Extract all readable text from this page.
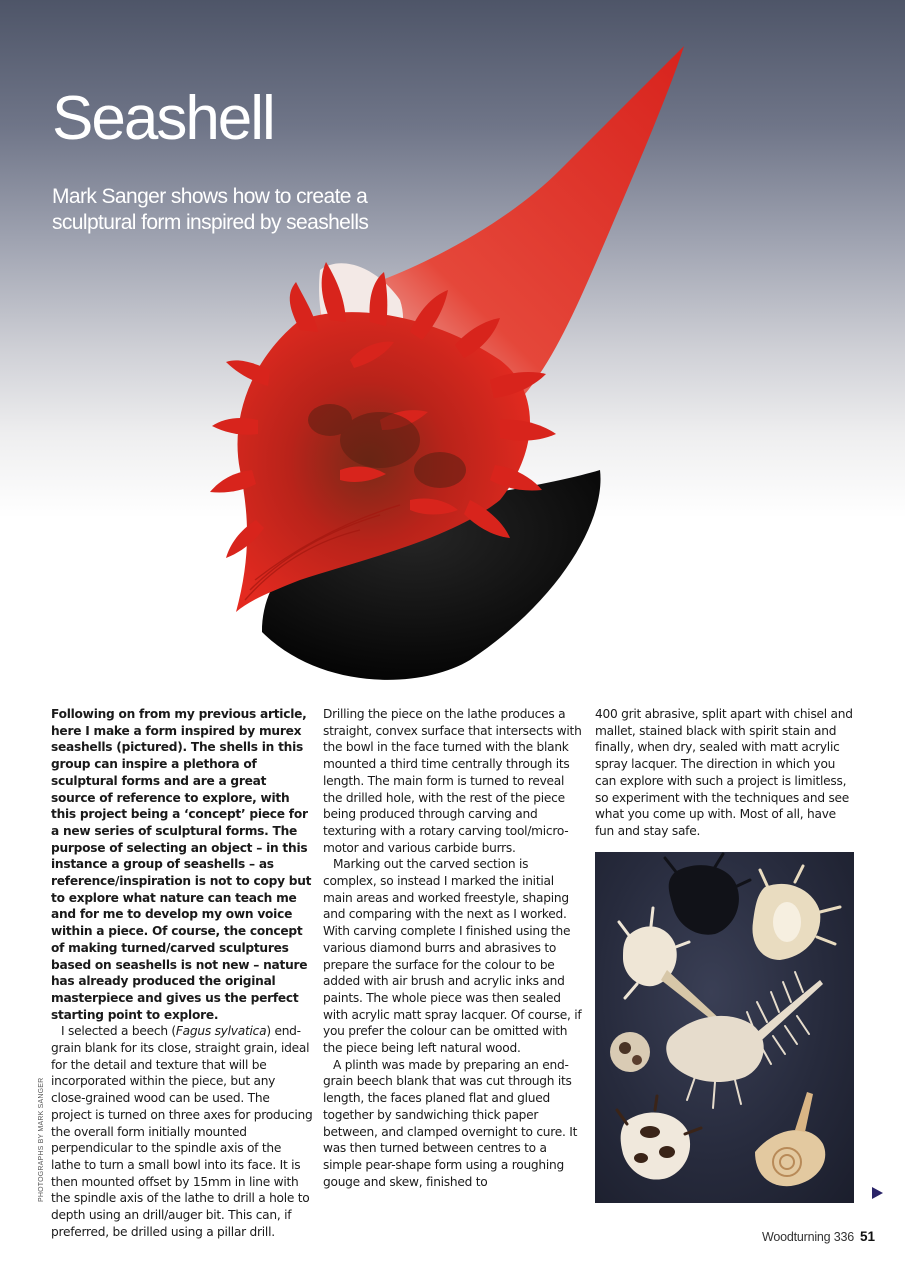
Seashell

Mark Sanger shows how to create a sculptural form inspired by seashells

Following on from my previous article, here I make a form inspired by murex seashells (pictured). The shells in this group can inspire a plethora of sculptural forms and are a great source of reference to explore, with this project being a ‘concept’ piece for a new series of sculptural forms. The purpose of selecting an object – in this instance a group of seashells – as reference/inspiration is not to copy but to explore what nature can teach me and for me to develop my own voice within a piece. Of course, the concept of making turned/carved sculptures based on seashells is not new – nature has already produced the original masterpiece and gives us the perfect starting point to explore.

I selected a beech (Fagus sylvatica) end-grain blank for its close, straight grain, ideal for the detail and texture that will be incorporated within the piece, but any close-grained wood can be used. The project is turned on three axes for producing the overall form initially mounted perpendicular to the spindle axis of the lathe to turn a small bowl into its face. It is then mounted offset by 15mm in line with the spindle axis of the lathe to drill a hole to depth using an drill/auger bit. This can, if preferred, be drilled using a pillar drill.

Drilling the piece on the lathe produces a straight, convex surface that intersects with the bowl in the face turned with the blank mounted a third time centrally through its length. The main form is turned to reveal the drilled hole, with the rest of the piece being produced through carving and texturing with a rotary carving tool/micro-motor and various carbide burrs.

Marking out the carved section is complex, so instead I marked the initial main areas and worked freestyle, shaping and comparing with the next as I worked. With carving complete I finished using the various diamond burrs and abrasives to prepare the surface for the colour to be added with air brush and acrylic inks and paints. The whole piece was then sealed with acrylic matt spray lacquer. Of course, if you prefer the colour can be omitted with the piece being left natural wood.

A plinth was made by preparing an end-grain beech blank that was cut through its length, the faces planed flat and glued together by sandwiching thick paper between, and clamped overnight to cure. It was then turned between centres to a simple pear-shape form using a roughing gouge and skew, finished to

400 grit abrasive, split apart with chisel and mallet, stained black with spirit stain and finally, when dry, sealed with matt acrylic spray lacquer. The direction in which you can explore with such a project is limitless, so experiment with the techniques and see what you come up with. Most of all, have fun and stay safe.

PHOTOGRAPHS BY MARK SANGER
Woodturning 336 51
